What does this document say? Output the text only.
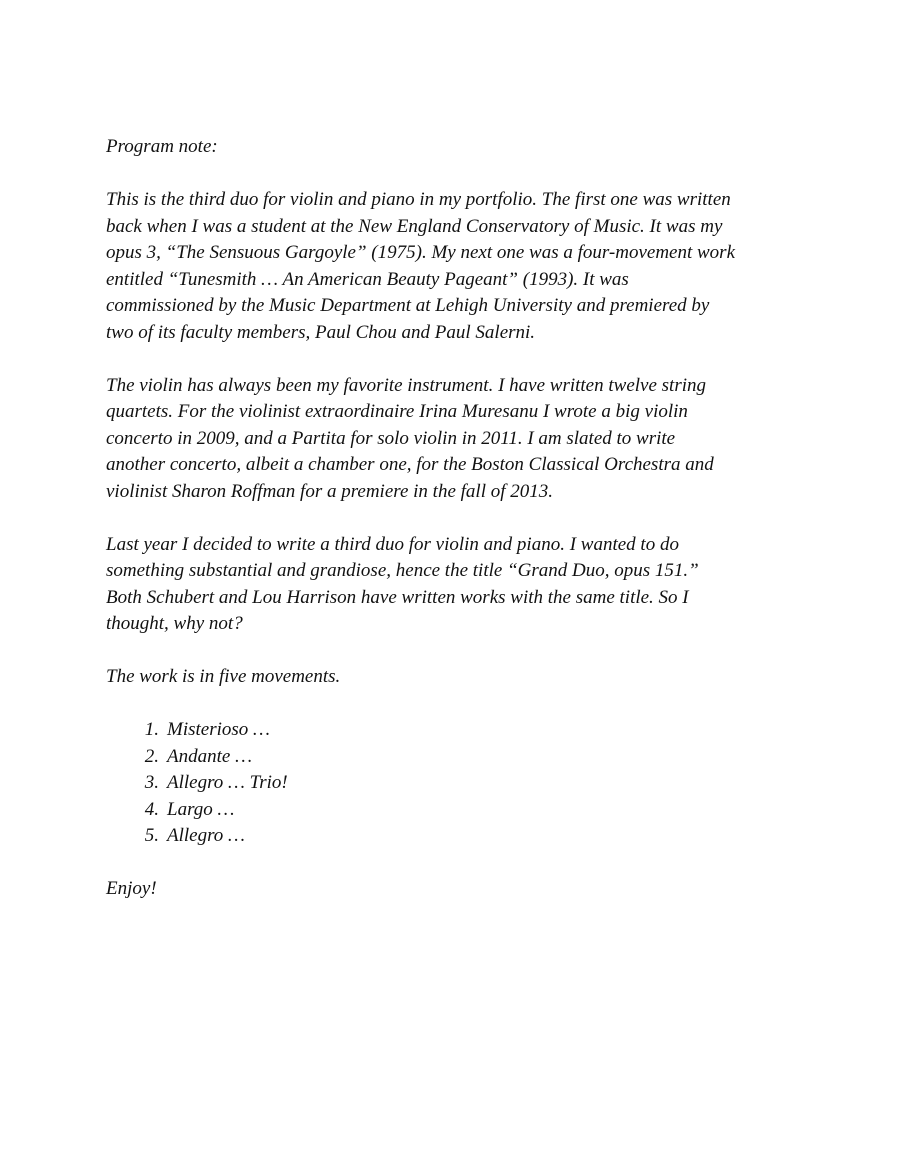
Program note:

This is the third duo for violin and piano in my portfolio. The first one was written
back when I was a student at the New England Conservatory of Music. It was my
opus 3, “The Sensuous Gargoyle” (1975). My next one was a four-movement work
entitled “Tunesmith … An American Beauty Pageant” (1993). It was
commissioned by the Music Department at Lehigh University and premiered by
two of its faculty members, Paul Chou and Paul Salerni.

The violin has always been my favorite instrument. I have written twelve string
quartets. For the violinist extraordinaire Irina Muresanu I wrote a big violin
concerto in 2009, and a Partita for solo violin in 2011. I am slated to write
another concerto, albeit a chamber one, for the Boston Classical Orchestra and
violinist Sharon Roffman for a premiere in the fall of 2013.

Last year I decided to write a third duo for violin and piano. I wanted to do
something substantial and grandiose, hence the title “Grand Duo, opus 151.”
Both Schubert and Lou Harrison have written works with the same title. So I
thought, why not?

The work is in five movements.

1 . Misterioso …
2 . Andante …
3 . Allegro … Trio!
4 . Largo …
5 . Allegro …

Enjoy!
